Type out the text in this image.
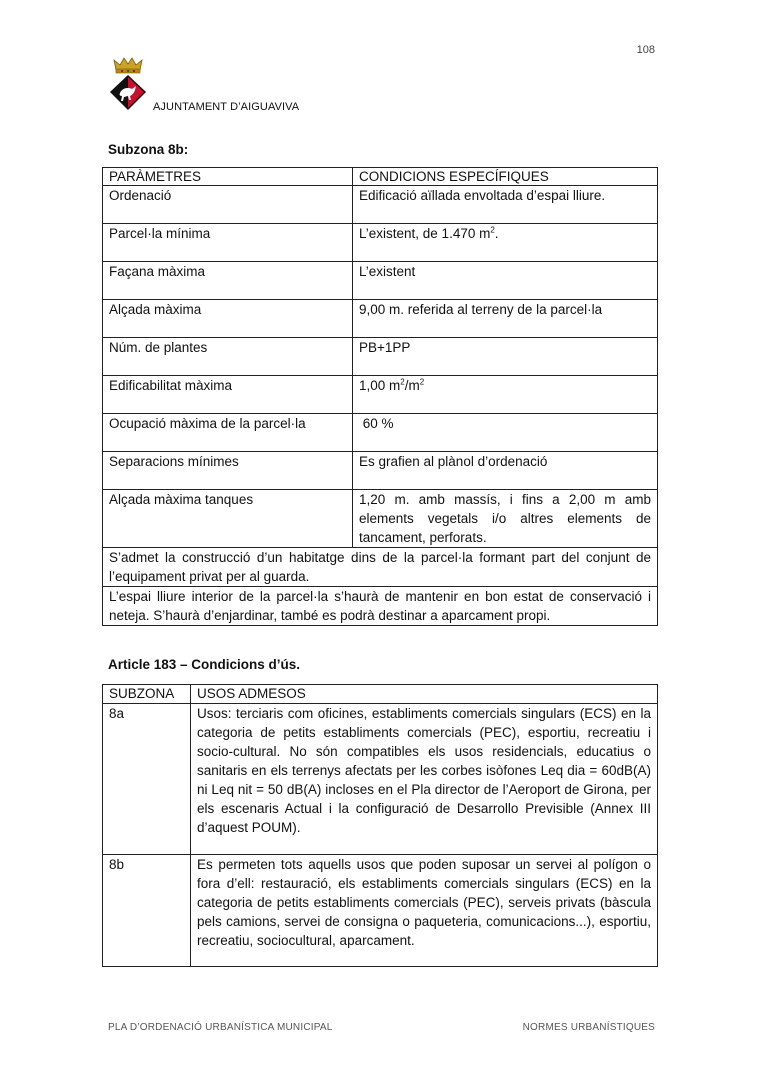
108
AJUNTAMENT D’AIGUAVIVA
Subzona 8b:
PARÀMETRES	CONDICIONS ESPECÍFIQUES
Ordenació	Edificació aïllada envoltada d’espai lliure.
Parcel·la mínima	L’existent, de 1.470 $m^2$.
Façana màxima	L’existent
Alçada màxima	9,00 m. referida al terreny de la parcel·la
Núm. de plantes	PB+1PP
Edificabilitat màxima	1,00 $m^2/m^2$
Ocupació màxima de la parcel·la	60 %
Separacions mínimes	Es grafien al plànol d’ordenació
Alçada màxima tanques	1,20 m. amb massís, i fins a 2,00 m amb elements vegetals i/o altres elements de tancament, perforats.
S’admet la construcció d’un habitatge dins de la parcel·la formant part del conjunt de l’equipament privat per al guarda.	
L’espai lliure interior de la parcel·la s’haurà de mantenir en bon estat de conservació i neteja. S’haurà d’enjardinar, també es podrà destinar a aparcament propi.	
Article 183 – Condicions d’ús.
SUBZONA	USOS ADMESOS
8a	Usos: terciaris com oficines, establiments comercials singulars (ECS) en la categoria de petits establiments comercials (PEC), esportiu, recreatiu i socio-cultural. No són compatibles els usos residencials, educatius o sanitaris en els terrenys afectats per les corbes isòfones Leq dia = 60dB(A) ni Leq nit = 50 dB(A) incloses en el Pla director de l’Aeroport de Girona, per els escenaris Actual i la configuració de Desarrollo Previsible (Annex III d’aquest POUM).
8b	Es permeten tots aquells usos que poden suposar un servei al polígon o fora d’ell: restauració, els establiments comercials singulars (ECS) en la categoria de petits establiments comercials (PEC), serveis privats (bàscula pels camions, servei de consigna o paqueteria, comunicacions...), esportiu, recreatiu, sociocultural, aparcament.
PLA D’ORDENACIÓ URBANÍSTICA MUNICIPAL	NORMES URBANÍSTIQUES
